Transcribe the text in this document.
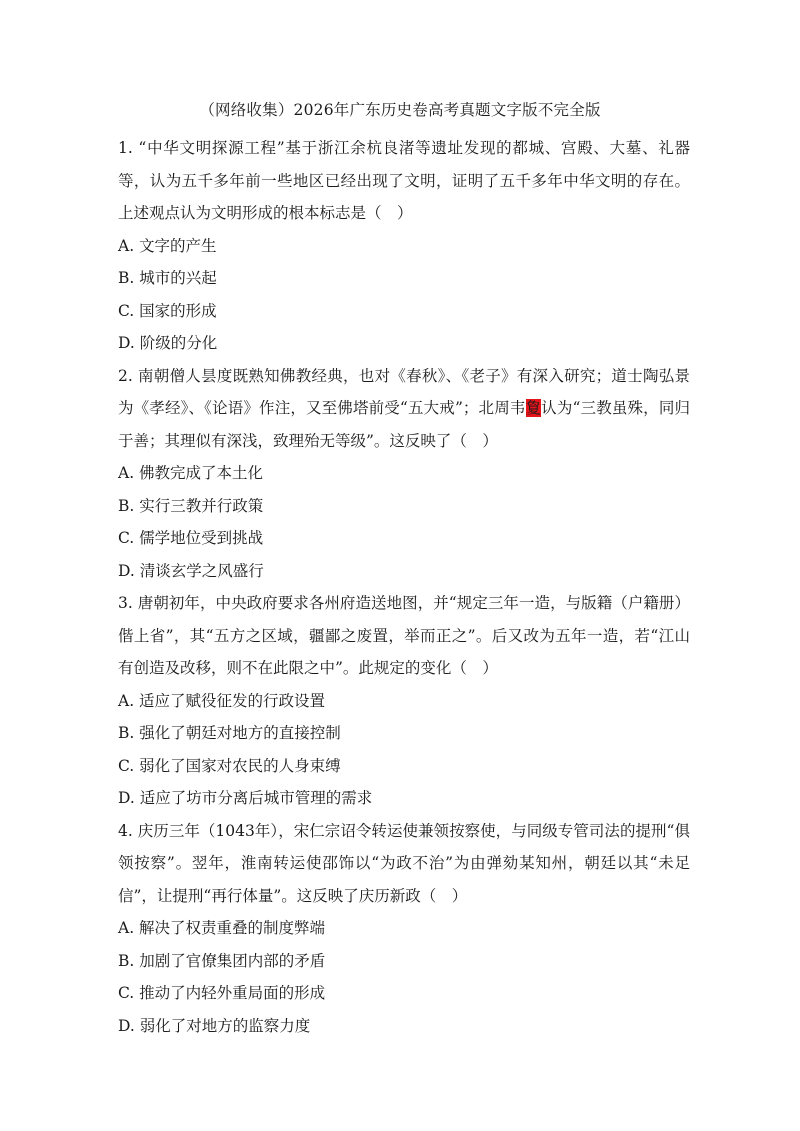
（网络收集）2026年广东历史卷高考真题文字版不完全版

1. “中华文明探源工程”基于浙江余杭良渚等遗址发现的都城、宫殿、大墓、礼器等，认为五千多年前一些地区已经出现了文明，证明了五千多年中华文明的存在。上述观点认为文明形成的根本标志是（　）

A. 文字的产生

B. 城市的兴起

C. 国家的形成

D. 阶级的分化

2. 南朝僧人昙度既熟知佛教经典，也对《春秋》、《老子》有深入研究；道士陶弘景为《孝经》、《论语》作注，又至佛塔前受“五大戒”；北周韦夐认为“三教虽殊，同归于善；其理似有深浅，致理殆无等级”。这反映了（　）

A. 佛教完成了本土化

B. 实行三教并行政策

C. 儒学地位受到挑战

D. 清谈玄学之风盛行

3. 唐朝初年，中央政府要求各州府造送地图，并“规定三年一造，与版籍（户籍册）偕上省”，其“五方之区域，疆鄙之废置，举而正之”。后又改为五年一造，若“江山有创造及改移，则不在此限之中”。此规定的变化（　）

A. 适应了赋役征发的行政设置

B. 强化了朝廷对地方的直接控制

C. 弱化了国家对农民的人身束缚

D. 适应了坊市分离后城市管理的需求

4. 庆历三年（1043年），宋仁宗诏令转运使兼领按察使，与同级专管司法的提刑“俱领按察”。翌年，淮南转运使邵饰以“为政不治”为由弹劾某知州，朝廷以其“未足信”，让提刑“再行体量”。这反映了庆历新政（　）

A. 解决了权责重叠的制度弊端

B. 加剧了官僚集团内部的矛盾

C. 推动了内轻外重局面的形成

D. 弱化了对地方的监察力度
